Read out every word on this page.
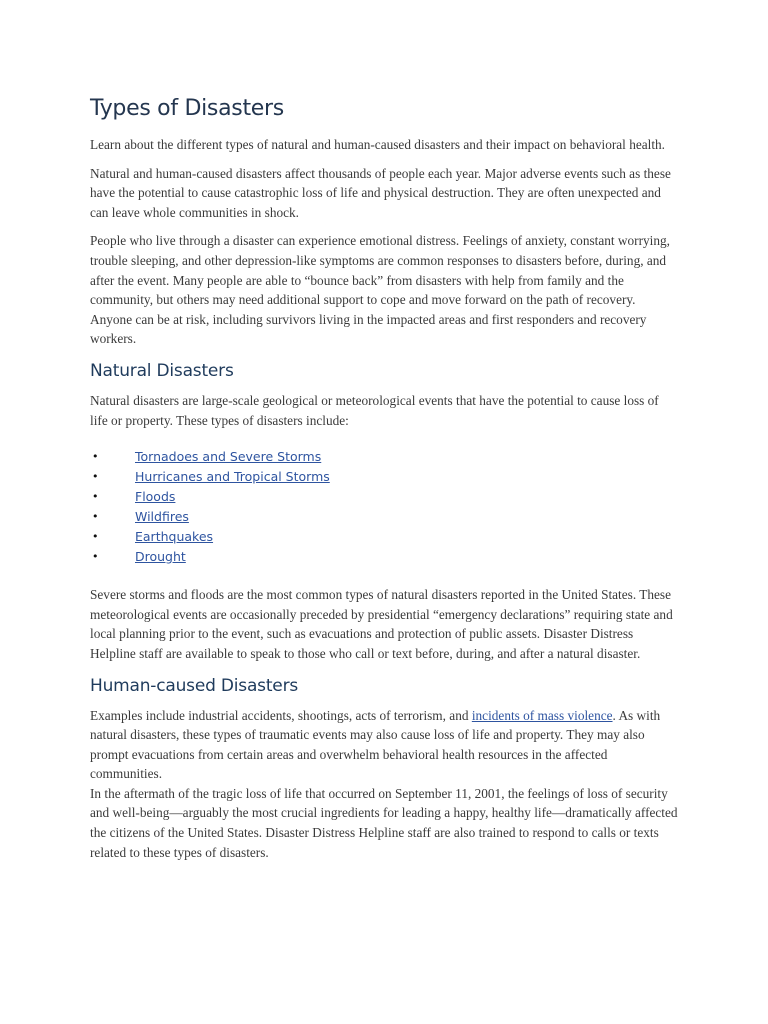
Types of Disasters

Learn about the different types of natural and human-caused disasters and their impact on behavioral health.

Natural and human-caused disasters affect thousands of people each year. Major adverse events such as these have the potential to cause catastrophic loss of life and physical destruction. They are often unexpected and can leave whole communities in shock.

People who live through a disaster can experience emotional distress. Feelings of anxiety, constant worrying, trouble sleeping, and other depression-like symptoms are common responses to disasters before, during, and after the event. Many people are able to “bounce back” from disasters with help from family and the community, but others may need additional support to cope and move forward on the path of recovery. Anyone can be at risk, including survivors living in the impacted areas and first responders and recovery workers.

Natural Disasters

Natural disasters are large-scale geological or meteorological events that have the potential to cause loss of life or property. These types of disasters include:

•	Tornadoes and Severe Storms
•	Hurricanes and Tropical Storms
•	Floods
•	Wildfires
•	Earthquakes
•	Drought

Severe storms and floods are the most common types of natural disasters reported in the United States. These meteorological events are occasionally preceded by presidential “emergency declarations” requiring state and local planning prior to the event, such as evacuations and protection of public assets. Disaster Distress Helpline staff are available to speak to those who call or text before, during, and after a natural disaster.

Human-caused Disasters

Examples include industrial accidents, shootings, acts of terrorism, and incidents of mass violence. As with natural disasters, these types of traumatic events may also cause loss of life and property. They may also prompt evacuations from certain areas and overwhelm behavioral health resources in the affected communities.

In the aftermath of the tragic loss of life that occurred on September 11, 2001, the feelings of loss of security and well-being—arguably the most crucial ingredients for leading a happy, healthy life—dramatically affected the citizens of the United States. Disaster Distress Helpline staff are also trained to respond to calls or texts related to these types of disasters.
